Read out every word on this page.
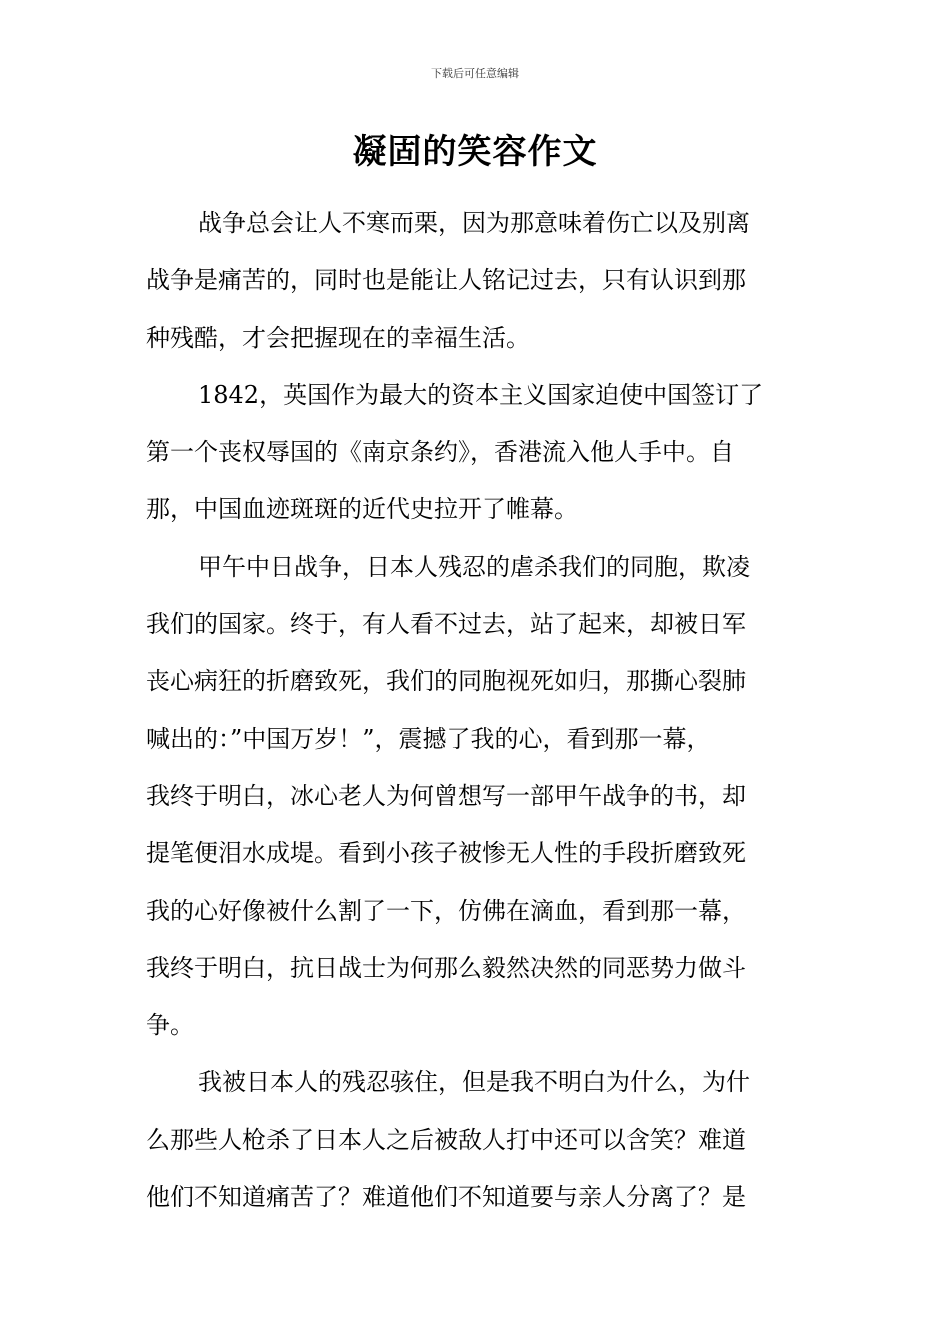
下载后可任意编辑
凝固的笑容作文
战争总会让人不寒而栗，因为那意味着伤亡以及别离
战争是痛苦的，同时也是能让人铭记过去，只有认识到那
种残酷，才会把握现在的幸福生活。
1842，英国作为最大的资本主义国家迫使中国签订了
第一个丧权辱国的《南京条约》，香港流入他人手中。自
那，中国血迹斑斑的近代史拉开了帷幕。
甲午中日战争，日本人残忍的虐杀我们的同胞，欺凌
我们的国家。终于，有人看不过去，站了起来，却被日军
丧心病狂的折磨致死，我们的同胞视死如归，那撕心裂肺
喊出的：”中国万岁！”，震撼了我的心，看到那一幕，
我终于明白，冰心老人为何曾想写一部甲午战争的书，却
提笔便泪水成堤。看到小孩子被惨无人性的手段折磨致死
我的心好像被什么割了一下，仿佛在滴血，看到那一幕，
我终于明白，抗日战士为何那么毅然决然的同恶势力做斗
争。
我被日本人的残忍骇住，但是我不明白为什么，为什
么那些人枪杀了日本人之后被敌人打中还可以含笑？难道
他们不知道痛苦了？难道他们不知道要与亲人分离了？是
